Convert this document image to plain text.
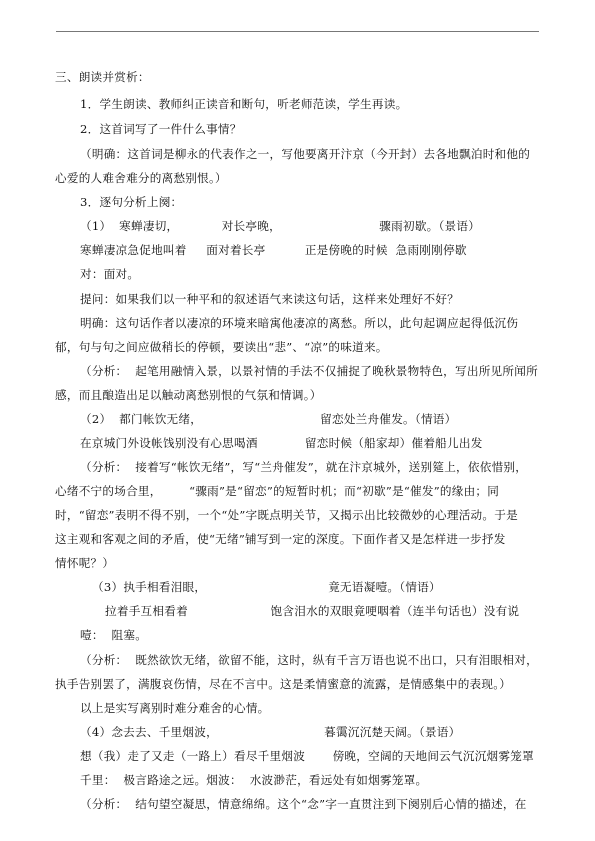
三、朗读并赏析：
1．学生朗读、教师纠正读音和断句，听老师范读，学生再读。
2．这首词写了一件什么事情？
（明确：这首词是柳永的代表作之一，写他要离开汴京（今开封）去各地飘泊时和他的
心爱的人难舍难分的离愁别恨。）
3．逐句分析上阕：
（1）  寒蝉凄切，           对长亭晚，                         骤雨初歇。（景语）
寒蝉凄凉急促地叫着     面对着长亭          正是傍晚的时候  急雨刚刚停歇
对：面对。
提问：如果我们以一种平和的叙述语气来读这句话，这样来处理好不好？
明确：这句话作者以凄凉的环境来暗寓他凄凉的离愁。所以，此句起调应起得低沉伤
郁，句与句之间应做稍长的停顿，要读出“悲”、“凉”的味道来。
（分析：  起笔用融情入景，以景衬情的手法不仅捕捉了晚秋景物特色，写出所见所闻所
感，而且酿造出足以触动离愁别恨的气氛和情调。）
（2）  都门帐饮无绪，                              留恋处兰舟催发。（情语）
在京城门外设帐饯别没有心思喝酒            留恋时候（船家却）催着船儿出发
（分析：  接着写“帐饮无绪”，写“兰舟催发”，就在汴京城外，送别筵上，依依惜别，
心绪不宁的场合里，       “骤雨”是“留恋”的短暂时机；而“初歇”是“催发”的缘由；同
时，“留恋”表明不得不别，一个“处”字既点明关节，又揭示出比较微妙的心理活动。于是
这主观和客观之间的矛盾，使“无绪”铺写到一定的深度。下面作者又是怎样进一步抒发
情怀呢？）
（3）执手相看泪眼，                               竟无语凝噎。（情语）
拉着手互相看着                     饱含泪水的双眼竟哽咽着（连半句话也）没有说
噎：  阻塞。
（分析：  既然欲饮无绪，欲留不能，这时，纵有千言万语也说不出口，只有泪眼相对，
执手告别罢了，满腹哀伤情，尽在不言中。这是柔情蜜意的流露，是情感集中的表现。）
以上是实写离别时难分难舍的心情。
（4）念去去、千里烟波，                           暮霭沉沉楚天阔。（景语）
想（我）走了又走（一路上）看尽千里烟波       傍晚，空阔的天地间云气沉沉烟雾笼罩
千里：  极言路途之远。烟波：  水波渺茫，看远处有如烟雾笼罩。
（分析：  结句望空凝思，情意绵绵。这个“念”字一直贯注到下阕别后心情的描述，在
